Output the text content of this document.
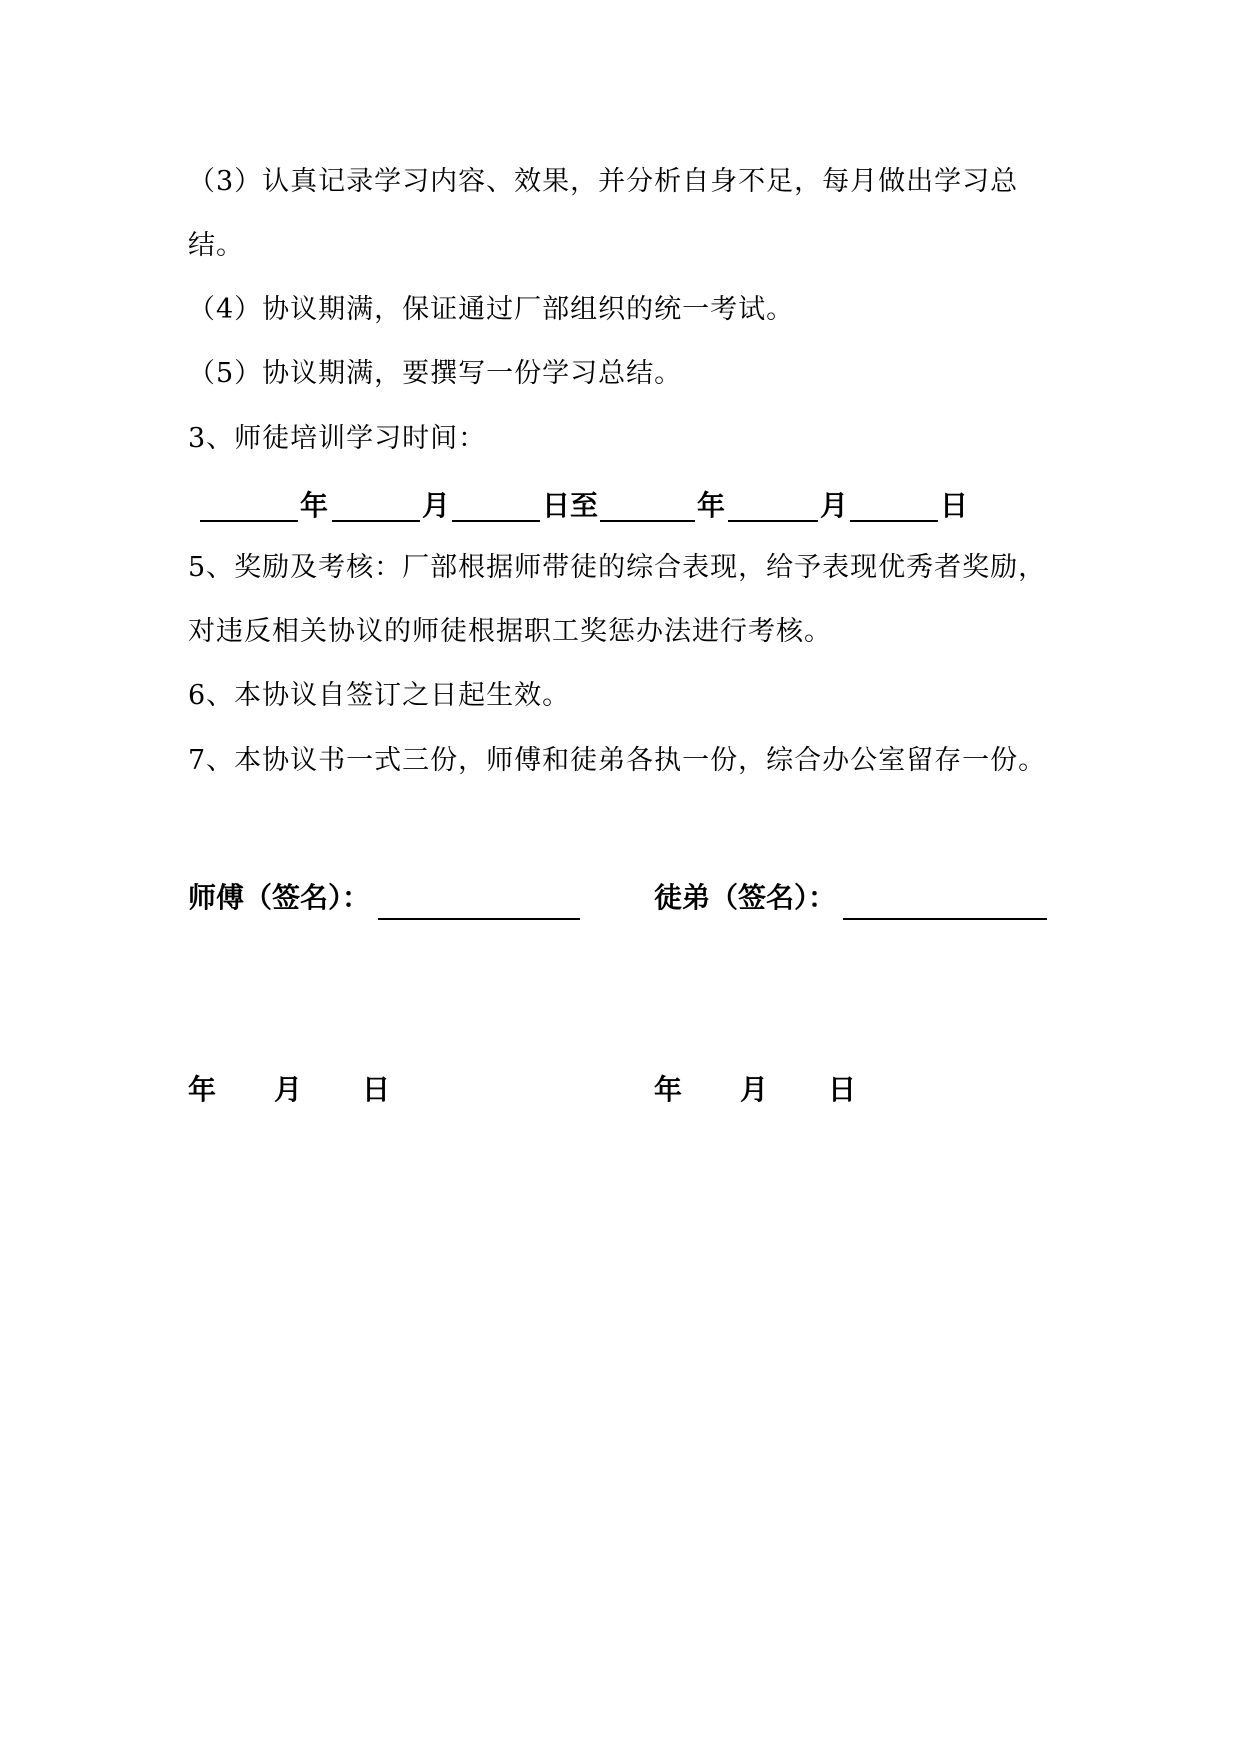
（3）认真记录学习内容、效果，并分析自身不足，每月做出学习总
结。
（4）协议期满，保证通过厂部组织的统一考试。
（5）协议期满，要撰写一份学习总结。
3、师徒培训学习时间：
年	月	日至	年	月	日
5、奖励及考核：厂部根据师带徒的综合表现，给予表现优秀者奖励，
对违反相关协议的师徒根据职工奖惩办法进行考核。
6、本协议自签订之日起生效。
7、本协议书一式三份，师傅和徒弟各执一份，综合办公室留存一份。
师傅（签名）：	徒弟（签名）：
年 月 日	年 月 日
